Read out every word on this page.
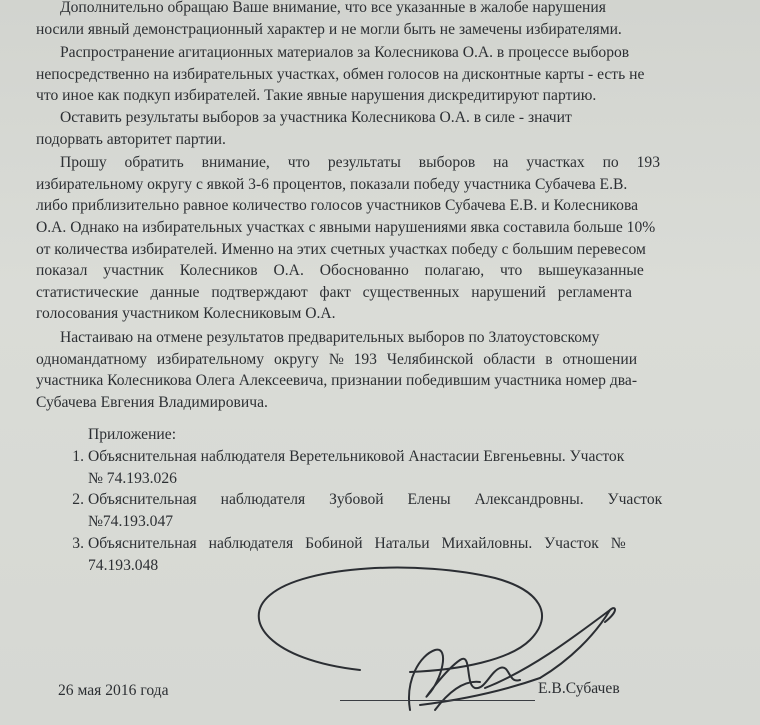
Дополнительно обращаю Ваше внимание, что все указанные в жалобе нарушения
носили явный демонстрационный характер и не могли быть не замечены избирателями.
Распространение агитационных материалов за Колесникова О.А. в процессе выборов
непосредственно на избирательных участках, обмен голосов на дисконтные карты - есть не
что иное как подкуп избирателей. Такие явные нарушения дискредитируют партию.
Оставить результаты выборов за участника Колесникова О.А. в силе - значит
подорвать авторитет партии.
Прошу обратить внимание, что результаты выборов на участках по 193
избирательному округу с явкой 3-6 процентов, показали победу участника Субачева Е.В.
либо приблизительно равное количество голосов участников Субачева Е.В. и Колесникова
О.А. Однако на избирательных участках с явными нарушениями явка составила больше 10%
от количества избирателей. Именно на этих счетных участках победу с большим перевесом
показал участник Колесников О.А. Обоснованно полагаю, что вышеуказанные
статистические данные подтверждают факт существенных нарушений регламента
голосования участником Колесниковым О.А.
Настаиваю на отмене результатов предварительных выборов по Златоустовскому
одномандатному избирательному округу № 193 Челябинской области в отношении
участника Колесникова Олега Алексеевича, признании победившим участника номер два-
Субачева Евгения Владимировича.
Приложение:
1. Объяснительная наблюдателя Веретельниковой Анастасии Евгеньевны. Участок
№ 74.193.026
2. Объяснительная наблюдателя Зубовой Елены Александровны. Участок
№74.193.047
3. Объяснительная наблюдателя Бобиной Натальи Михайловны. Участок №
74.193.048
26 мая 2016 года	Е.В.Субачев
